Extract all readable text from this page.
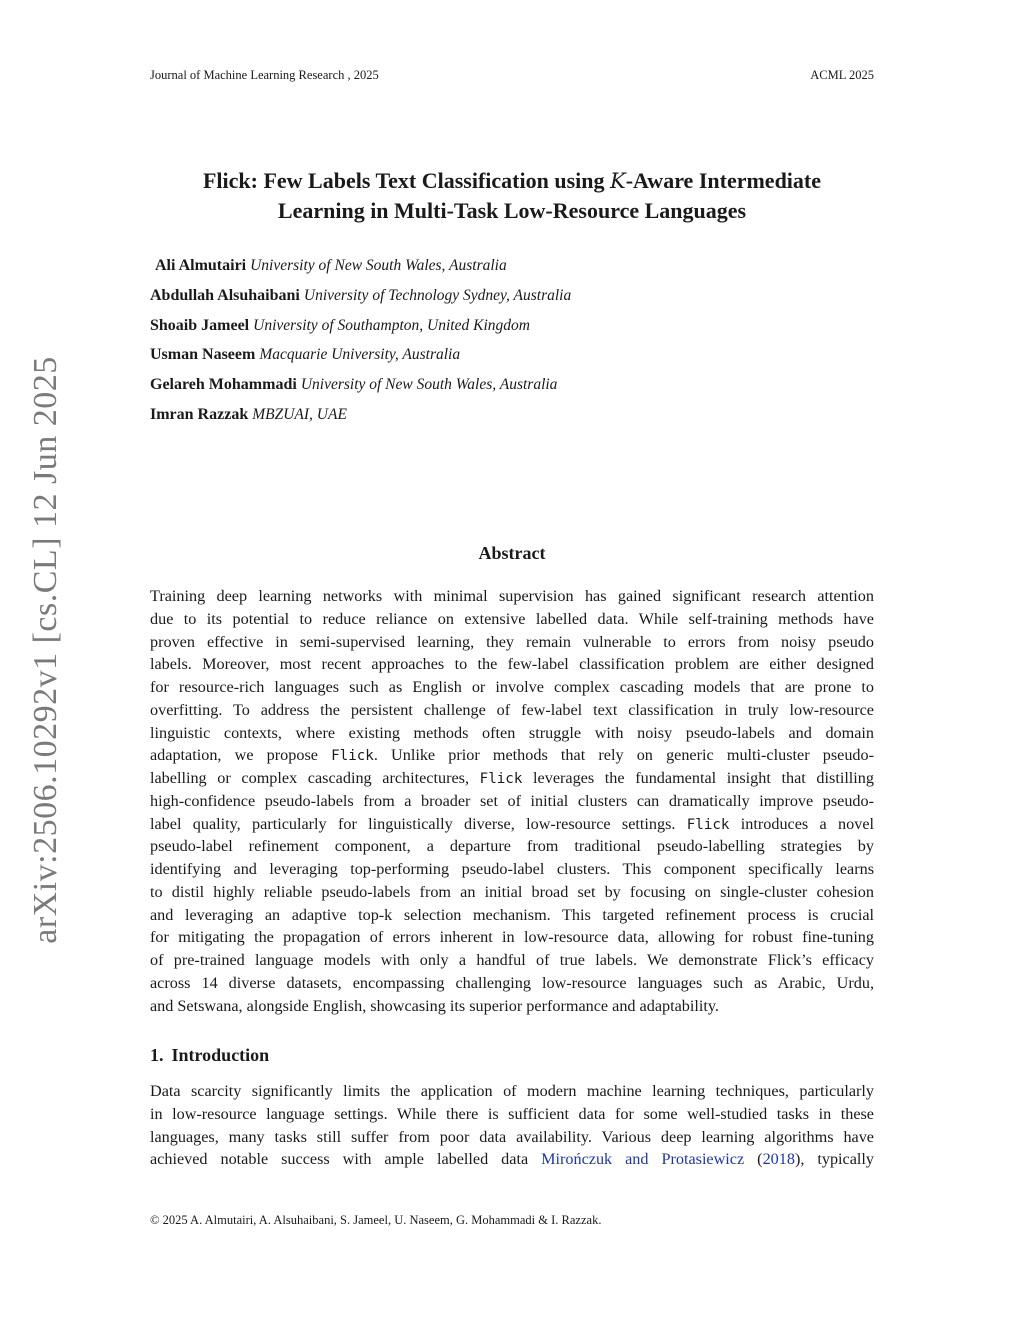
Journal of Machine Learning Research , 2025	ACML 2025
arXiv:2506.10292v1 [cs.CL] 12 Jun 2025
Flick: Few Labels Text Classification using K-Aware Intermediate
Learning in Multi-Task Low-Resource Languages
Ali Almutairi University of New South Wales, Australia
Abdullah Alsuhaibani University of Technology Sydney, Australia
Shoaib Jameel University of Southampton, United Kingdom
Usman Naseem Macquarie University, Australia
Gelareh Mohammadi University of New South Wales, Australia
Imran Razzak MBZUAI, UAE
Abstract
Training deep learning networks with minimal supervision has gained significant research attention
due to its potential to reduce reliance on extensive labelled data. While self-training methods have
proven effective in semi-supervised learning, they remain vulnerable to errors from noisy pseudo
labels. Moreover, most recent approaches to the few-label classification problem are either designed
for resource-rich languages such as English or involve complex cascading models that are prone to
overfitting. To address the persistent challenge of few-label text classification in truly low-resource
linguistic contexts, where existing methods often struggle with noisy pseudo-labels and domain
adaptation, we propose Flick. Unlike prior methods that rely on generic multi-cluster pseudo-
labelling or complex cascading architectures, Flick leverages the fundamental insight that distilling
high-confidence pseudo-labels from a broader set of initial clusters can dramatically improve pseudo-
label quality, particularly for linguistically diverse, low-resource settings. Flick introduces a novel
pseudo-label refinement component, a departure from traditional pseudo-labelling strategies by
identifying and leveraging top-performing pseudo-label clusters. This component specifically learns
to distil highly reliable pseudo-labels from an initial broad set by focusing on single-cluster cohesion
and leveraging an adaptive top-k selection mechanism. This targeted refinement process is crucial
for mitigating the propagation of errors inherent in low-resource data, allowing for robust fine-tuning
of pre-trained language models with only a handful of true labels. We demonstrate Flick’s efficacy
across 14 diverse datasets, encompassing challenging low-resource languages such as Arabic, Urdu,
and Setswana, alongside English, showcasing its superior performance and adaptability.
1. Introduction
Data scarcity significantly limits the application of modern machine learning techniques, particularly
in low-resource language settings. While there is sufficient data for some well-studied tasks in these
languages, many tasks still suffer from poor data availability. Various deep learning algorithms have
achieved notable success with ample labelled data Mirończuk and Protasiewicz (2018), typically
© 2025 A. Almutairi, A. Alsuhaibani, S. Jameel, U. Naseem, G. Mohammadi & I. Razzak.
